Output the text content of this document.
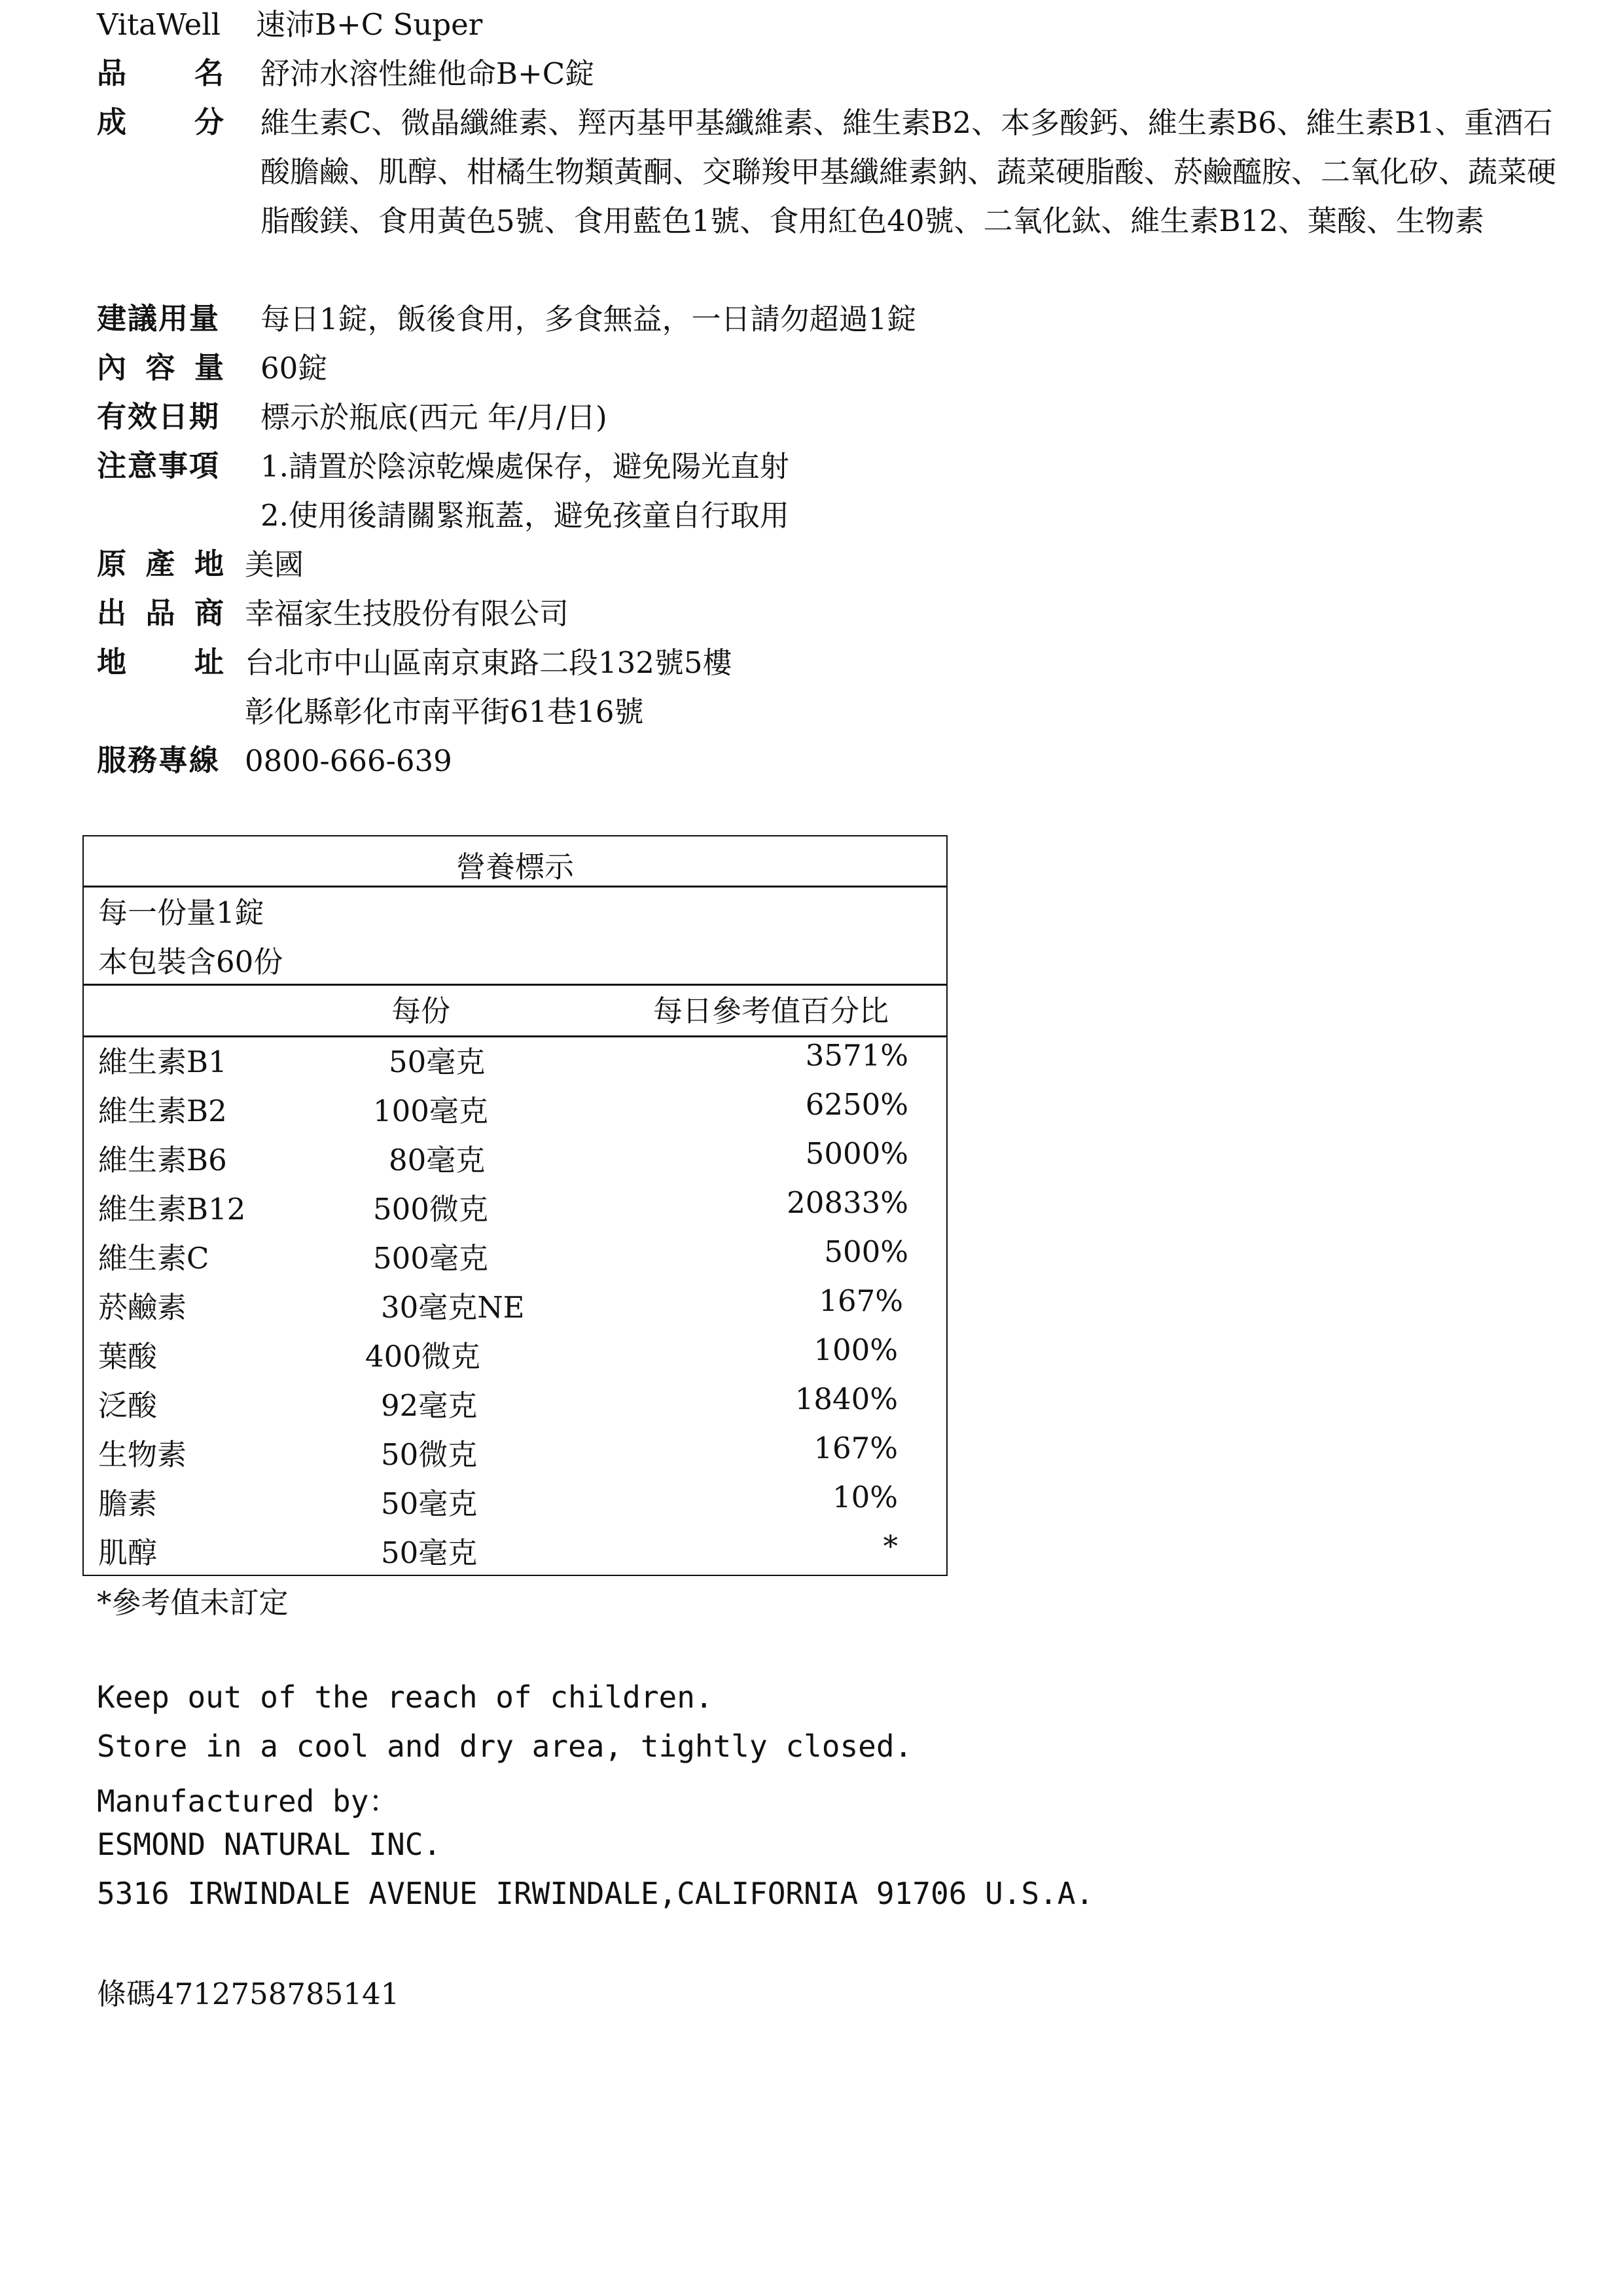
VitaWell 速沛B+C Super
品 名 舒沛水溶性維他命B+C錠
成 分 維生素C、微晶纖維素、羥丙基甲基纖維素、維生素B2、本多酸鈣、維生素B6、維生素B1、重酒石酸膽鹼、肌醇、柑橘生物類黃酮、交聯羧甲基纖維素鈉、蔬菜硬脂酸、菸鹼醯胺、二氧化矽、蔬菜硬脂酸鎂、食用黃色5號、食用藍色1號、食用紅色40號、二氧化鈦、維生素B12、葉酸、生物素
建議用量	每日1錠，飯後食用，多食無益，一日請勿超過1錠
內 容 量 60錠
有效日期	標示於瓶底(西元 年/月/日)
注意事項	1.請置於陰涼乾燥處保存，避免陽光直射
2.使用後請關緊瓶蓋，避免孩童自行取用
原 產 地 美國
出 品 商 幸福家生技股份有限公司
地 址 台北市中山區南京東路二段132號5樓
彰化縣彰化市南平街61巷16號
服務專線 0800-666-639
營養標示
每一份量1錠
本包裝含60份
每份	每日參考值百分比
維生素B1	50毫克	3571%
維生素B2	100毫克	6250%
維生素B6	80毫克	5000%
維生素B12	500微克	20833%
維生素C	500毫克	500%
菸鹼素	30毫克NE	167%
葉酸	400微克	100%
泛酸	92毫克	1840%
生物素	50微克	167%
膽素	50毫克	10%
肌醇	50毫克	*
*參考值未訂定
Keep out of the reach of children.
Store in a cool and dry area, tightly closed.
Manufactured by：
ESMOND NATURAL INC.
5316 IRWINDALE AVENUE IRWINDALE,CALIFORNIA 91706 U.S.A.
條碼4712758785141
